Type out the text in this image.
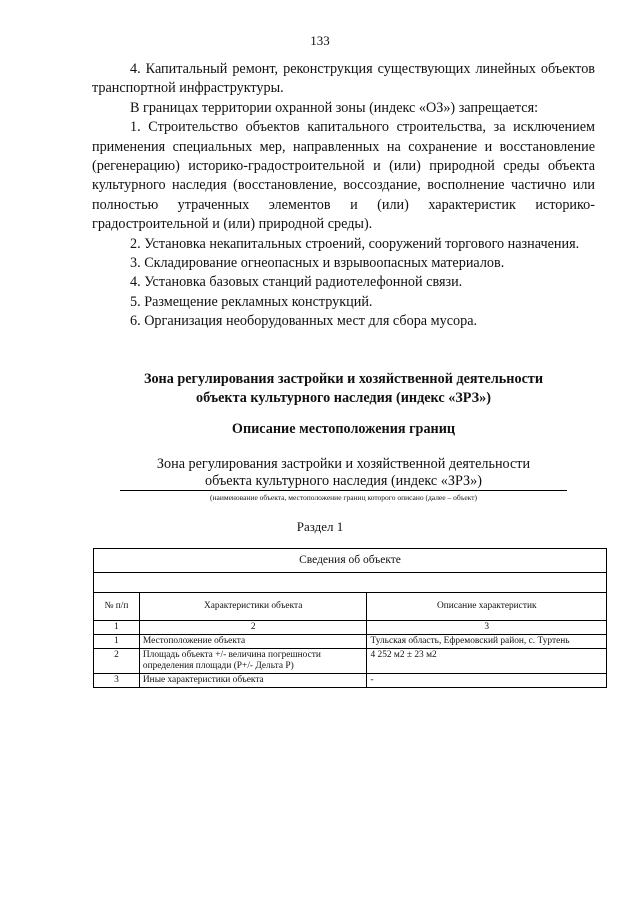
133

4. Капитальный ремонт, реконструкция существующих линейных объектов транспортной инфраструктуры.

В границах территории охранной зоны (индекс «ОЗ») запрещается:

1. Строительство объектов капитального строительства, за исключением применения специальных мер, направленных на сохранение и восстановление (регенерацию) историко-градостроительной и (или) природной среды объекта культурного наследия (восстановление, воссоздание, восполнение частично или полностью утраченных элементов и (или) характеристик историко-градостроительной и (или) природной среды).

2. Установка некапитальных строений, сооружений торгового назначения.

3. Складирование огнеопасных и взрывоопасных материалов.

4. Установка базовых станций радиотелефонной связи.

5. Размещение рекламных конструкций.

6. Организация необорудованных мест для сбора мусора.

Зона регулирования застройки и хозяйственной деятельности
объекта культурного наследия (индекс «ЗРЗ»)
Описание местоположения границ
Зона регулирования застройки и хозяйственной деятельности
объекта культурного наследия (индекс «ЗРЗ»)
(наименование объекта, местоположение границ которого описано (далее – объект)
Раздел 1
Сведения об объекте		

№ п/п	Характеристики объекта	Описание характеристик
1	2	3
1	Местоположение объекта	Тульская область, Ефремовский район, с. Туртень
2	Площадь объекта +/- величина погрешности определения площади (Р+/- Дельта Р)	4 252 м2 ± 23 м2
3	Иные характеристики объекта	-
